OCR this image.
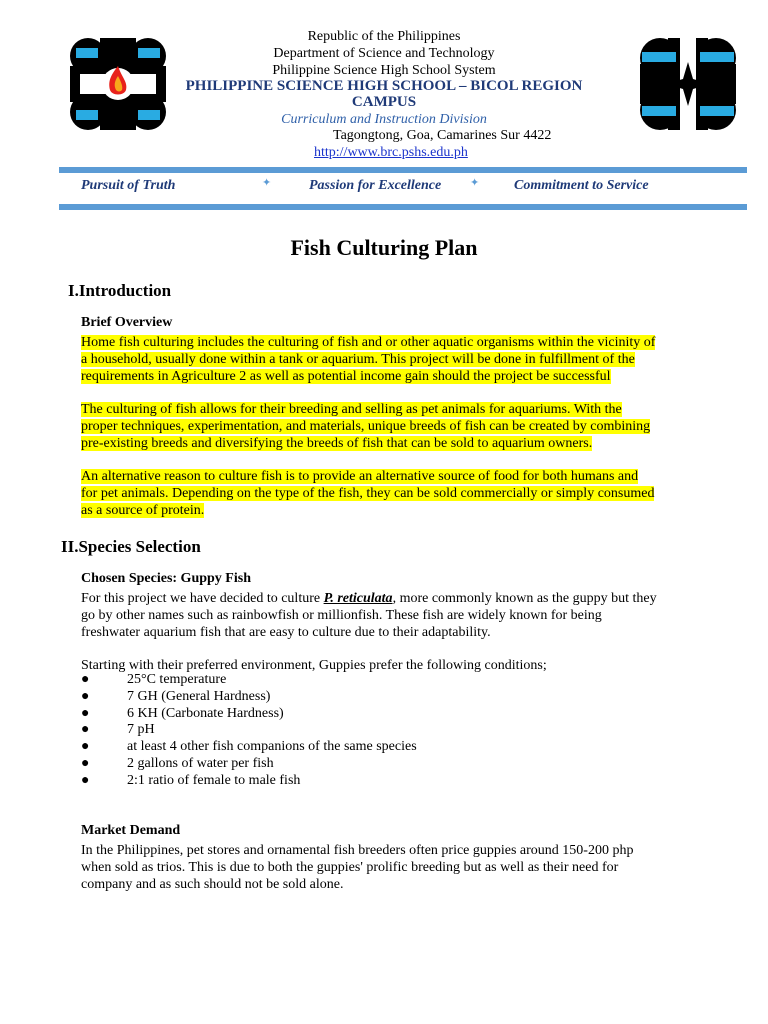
Republic of the Philippines
Department of Science and Technology
Philippine Science High School System
PHILIPPINE SCIENCE HIGH SCHOOL – BICOL REGION
CAMPUS
Curriculum and Instruction Division
Tagongtong, Goa, Camarines Sur 4422
http://www.brc.pshs.edu.ph
Pursuit of Truth	✦	Passion for Excellence	✦ Commitment to Service
Fish Culturing Plan
I.Introduction
Brief Overview
Home fish culturing includes the culturing of fish and or other aquatic organisms within the vicinity of
a household, usually done within a tank or aquarium. This project will be done in fulfillment of the
requirements in Agriculture 2 as well as potential income gain should the project be successful
The culturing of fish allows for their breeding and selling as pet animals for aquariums. With the
proper techniques, experimentation, and materials, unique breeds of fish can be created by combining
pre-existing breeds and diversifying the breeds of fish that can be sold to aquarium owners.
An alternative reason to culture fish is to provide an alternative source of food for both humans and
for pet animals. Depending on the type of the fish, they can be sold commercially or simply consumed
as a source of protein.
II.Species Selection
Chosen Species: Guppy Fish
For this project we have decided to culture P. reticulata, more commonly known as the guppy but they
go by other names such as rainbowfish or millionfish. These fish are widely known for being
freshwater aquarium fish that are easy to culture due to their adaptability.
Starting with their preferred environment, Guppies prefer the following conditions;
●	25°C temperature
●	7 GH (General Hardness)
●	6 KH (Carbonate Hardness)
●	7 pH
●	at least 4 other fish companions of the same species
●	2 gallons of water per fish
●	2:1 ratio of female to male fish
Market Demand
In the Philippines, pet stores and ornamental fish breeders often price guppies around 150-200 php
when sold as trios. This is due to both the guppies' prolific breeding but as well as their need for
company and as such should not be sold alone.
